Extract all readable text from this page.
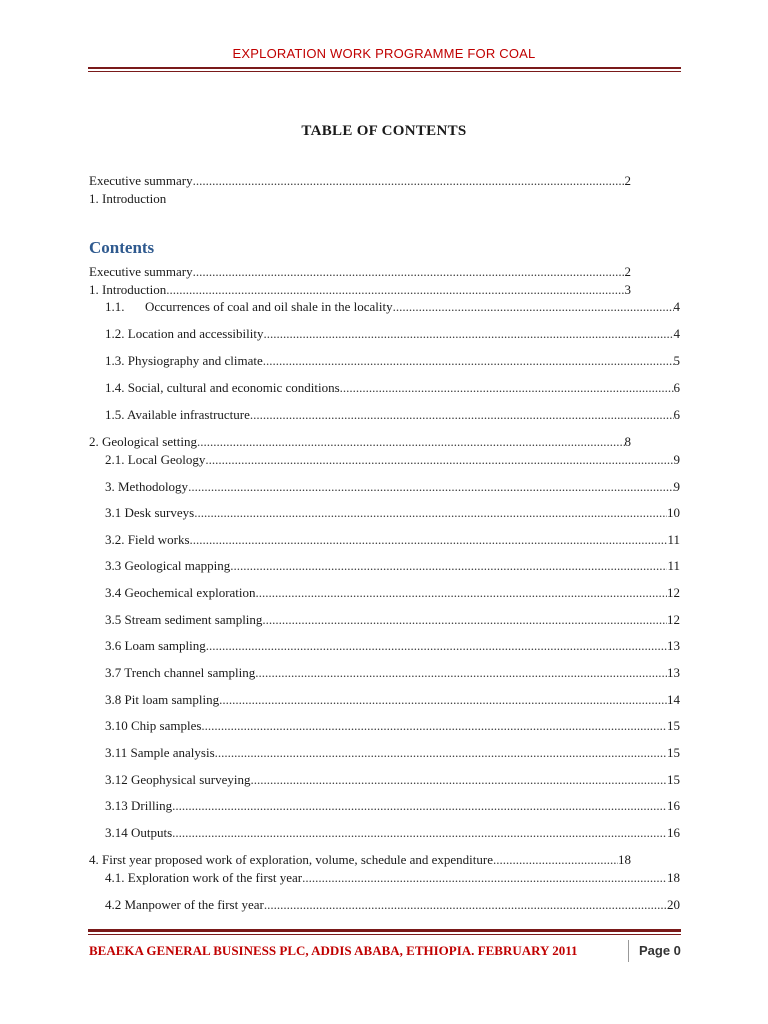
EXPLORATION WORK PROGRAMME FOR COAL
TABLE OF CONTENTS
Executive summary .....	2
1. Introduction
Contents
Executive summary .....	2
1. Introduction .....	3
1.1. Occurrences of coal and oil shale in the locality .....	4
1.2. Location and accessibility .....	4
1.3. Physiography and climate .....	5
1.4. Social, cultural and economic conditions .....	6
1.5. Available infrastructure .....	6
2. Geological setting .....	8
2.1. Local Geology .....	9
3. Methodology .....	9
3.1 Desk surveys .....	10
3.2. Field works .....	11
3.3 Geological mapping .....	11
3.4 Geochemical exploration .....	12
3.5 Stream sediment sampling .....	12
3.6 Loam sampling .....	13
3.7 Trench channel sampling .....	13
3.8 Pit loam sampling .....	14
3.10 Chip samples .....	15
3.11 Sample analysis .....	15
3.12 Geophysical surveying .....	15
3.13 Drilling .....	16
3.14 Outputs .....	16
4. First year proposed work of exploration, volume, schedule and expenditure .....	18
4.1. Exploration work of the first year .....	18
4.2 Manpower of the first year .....	20
BEAEKA GENERAL BUSINESS PLC, ADDIS ABABA, ETHIOPIA. FEBRUARY 2011	Page 0
